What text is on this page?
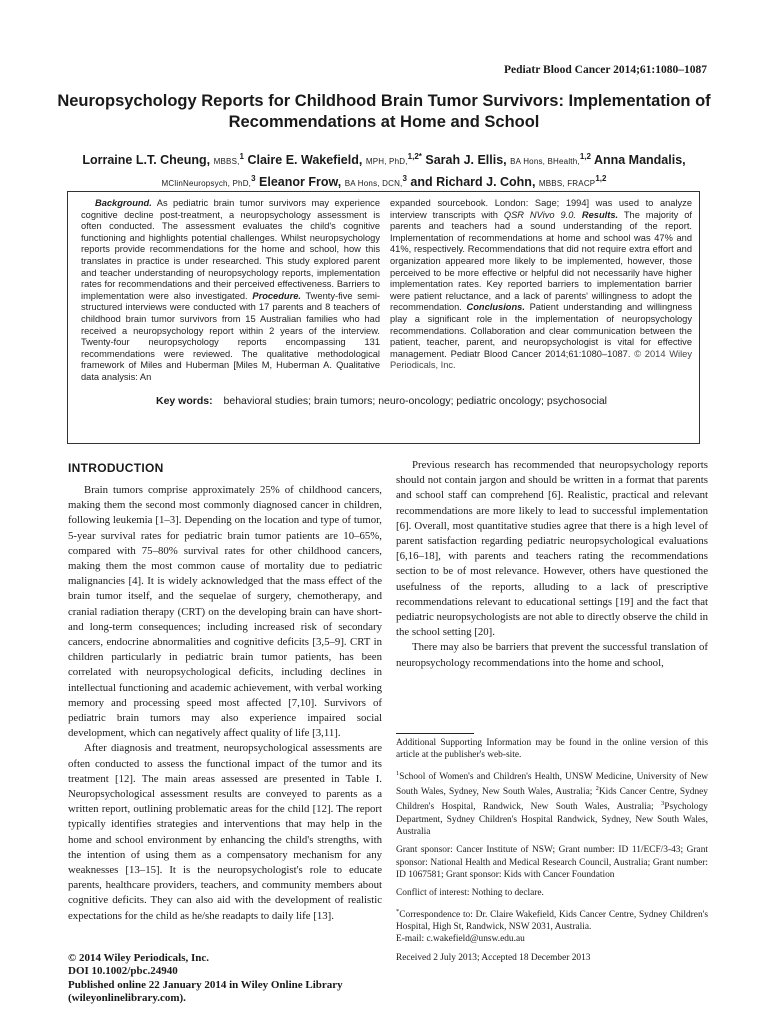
Pediatr Blood Cancer 2014;61:1080–1087
Neuropsychology Reports for Childhood Brain Tumor Survivors: Implementation of Recommendations at Home and School
Lorraine L.T. Cheung, MBBS,$^1$ Claire E. Wakefield, MPH, PhD,$^{1,2*}$ Sarah J. Ellis, BA Hons, BHealth,$^{1,2}$ Anna Mandalis,
MClinNeuropsych, PhD,$^3$ Eleanor Frow, BA Hons, DCN,$^3$ and Richard J. Cohn, MBBS, FRACP$^{1,2}$
Background. As pediatric brain tumor survivors may experience cognitive decline post-treatment, a neuropsychology assessment is often conducted. The assessment evaluates the child's cognitive functioning and highlights potential challenges. Whilst neuropsychology reports provide recommendations for the home and school, how this translates in practice is under researched. This study explored parent and teacher understanding of neuropsychology reports, implementation rates for recommendations and their perceived effectiveness. Barriers to implementation were also investigated. Procedure. Twenty-five semi-structured interviews were conducted with 17 parents and 8 teachers of childhood brain tumor survivors from 15 Australian families who had received a neuropsychology report within 2 years of the interview. Twenty-four neuropsychology reports encompassing 131 recommendations were reviewed. The qualitative methodological framework of Miles and Huberman [Miles M, Huberman A. Qualitative data analysis: An
expanded sourcebook. London: Sage; 1994] was used to analyze interview transcripts with QSR NVivo 9.0. Results. The majority of parents and teachers had a sound understanding of the report. Implementation of recommendations at home and school was 47% and 41%, respectively. Recommendations that did not require extra effort and organization appeared more likely to be implemented, however, those perceived to be more effective or helpful did not necessarily have higher implementation rates. Key reported barriers to implementation barrier were patient reluctance, and a lack of parents' willingness to adopt the recommendation. Conclusions. Patient understanding and willingness play a significant role in the implementation of neuropsychology recommendations. Collaboration and clear communication between the patient, teacher, parent, and neuropsychologist is vital for effective management. Pediatr Blood Cancer 2014;61:1080–1087. © 2014 Wiley Periodicals, Inc.
Key words: behavioral studies; brain tumors; neuro-oncology; pediatric oncology; psychosocial
INTRODUCTION

Brain tumors comprise approximately 25% of childhood cancers, making them the second most commonly diagnosed cancer in children, following leukemia [1–3]. Depending on the location and type of tumor, 5-year survival rates for pediatric brain tumor patients are 10–65%, compared with 75–80% survival rates for other childhood cancers, making them the most common cause of mortality due to pediatric malignancies [4]. It is widely acknowledged that the mass effect of the brain tumor itself, and the sequelae of surgery, chemotherapy, and cranial radiation therapy (CRT) on the developing brain can have short- and long-term consequences; including increased risk of secondary cancers, endocrine abnormalities and cognitive deficits [3,5–9]. CRT in children particularly in pediatric brain tumor patients, has been correlated with neuropsychological deficits, including declines in intellectual functioning and academic achievement, with verbal working memory and processing speed most affected [7,10]. Survivors of pediatric brain tumors may also experience impaired social development, which can negatively affect quality of life [3,11].

After diagnosis and treatment, neuropsychological assessments are often conducted to assess the functional impact of the tumor and its treatment [12]. The main areas assessed are presented in Table I. Neuropsychological assessment results are conveyed to parents as a written report, outlining problematic areas for the child [12]. The report typically identifies strategies and interventions that may help in the home and school environment by enhancing the child's strengths, with the intention of using them as a compensatory mechanism for any weaknesses [13–15]. It is the neuropsychologist's role to educate parents, healthcare providers, teachers, and community members about cognitive deficits. They can also aid with the development of realistic expectations for the child as he/she readapts to daily life [13].

Previous research has recommended that neuropsychology reports should not contain jargon and should be written in a format that parents and school staff can comprehend [6]. Realistic, practical and relevant recommendations are more likely to lead to successful implementation [6]. Overall, most quantitative studies agree that there is a high level of parent satisfaction regarding pediatric neuropsychological evaluations [6,16–18], with parents and teachers rating the recommendations section to be of most relevance. However, others have questioned the usefulness of the reports, alluding to a lack of prescriptive recommendations relevant to educational settings [19] and the fact that pediatric neuropsychologists are not able to directly observe the child in the school setting [20].

There may also be barriers that prevent the successful translation of neuropsychology recommendations into the home and school,

Additional Supporting Information may be found in the online version of this article at the publisher's web-site.

$^1$School of Women's and Children's Health, UNSW Medicine, University of New South Wales, Sydney, New South Wales, Australia; $^2$Kids Cancer Centre, Sydney Children's Hospital, Randwick, New South Wales, Australia; $^3$Psychology Department, Sydney Children's Hospital Randwick, Sydney, New South Wales, Australia

Grant sponsor: Cancer Institute of NSW; Grant number: ID 11/ECF/3-43; Grant sponsor: National Health and Medical Research Council, Australia; Grant number: ID 1067581; Grant sponsor: Kids with Cancer Foundation

Conflict of interest: Nothing to declare.

*Correspondence to: Dr. Claire Wakefield, Kids Cancer Centre, Sydney Children's Hospital, High St, Randwick, NSW 2031, Australia.
E-mail: c.wakefield@unsw.edu.au

Received 2 July 2013; Accepted 18 December 2013

© 2014 Wiley Periodicals, Inc.
DOI 10.1002/pbc.24940
Published online 22 January 2014 in Wiley Online Library
(wileyonlinelibrary.com).
